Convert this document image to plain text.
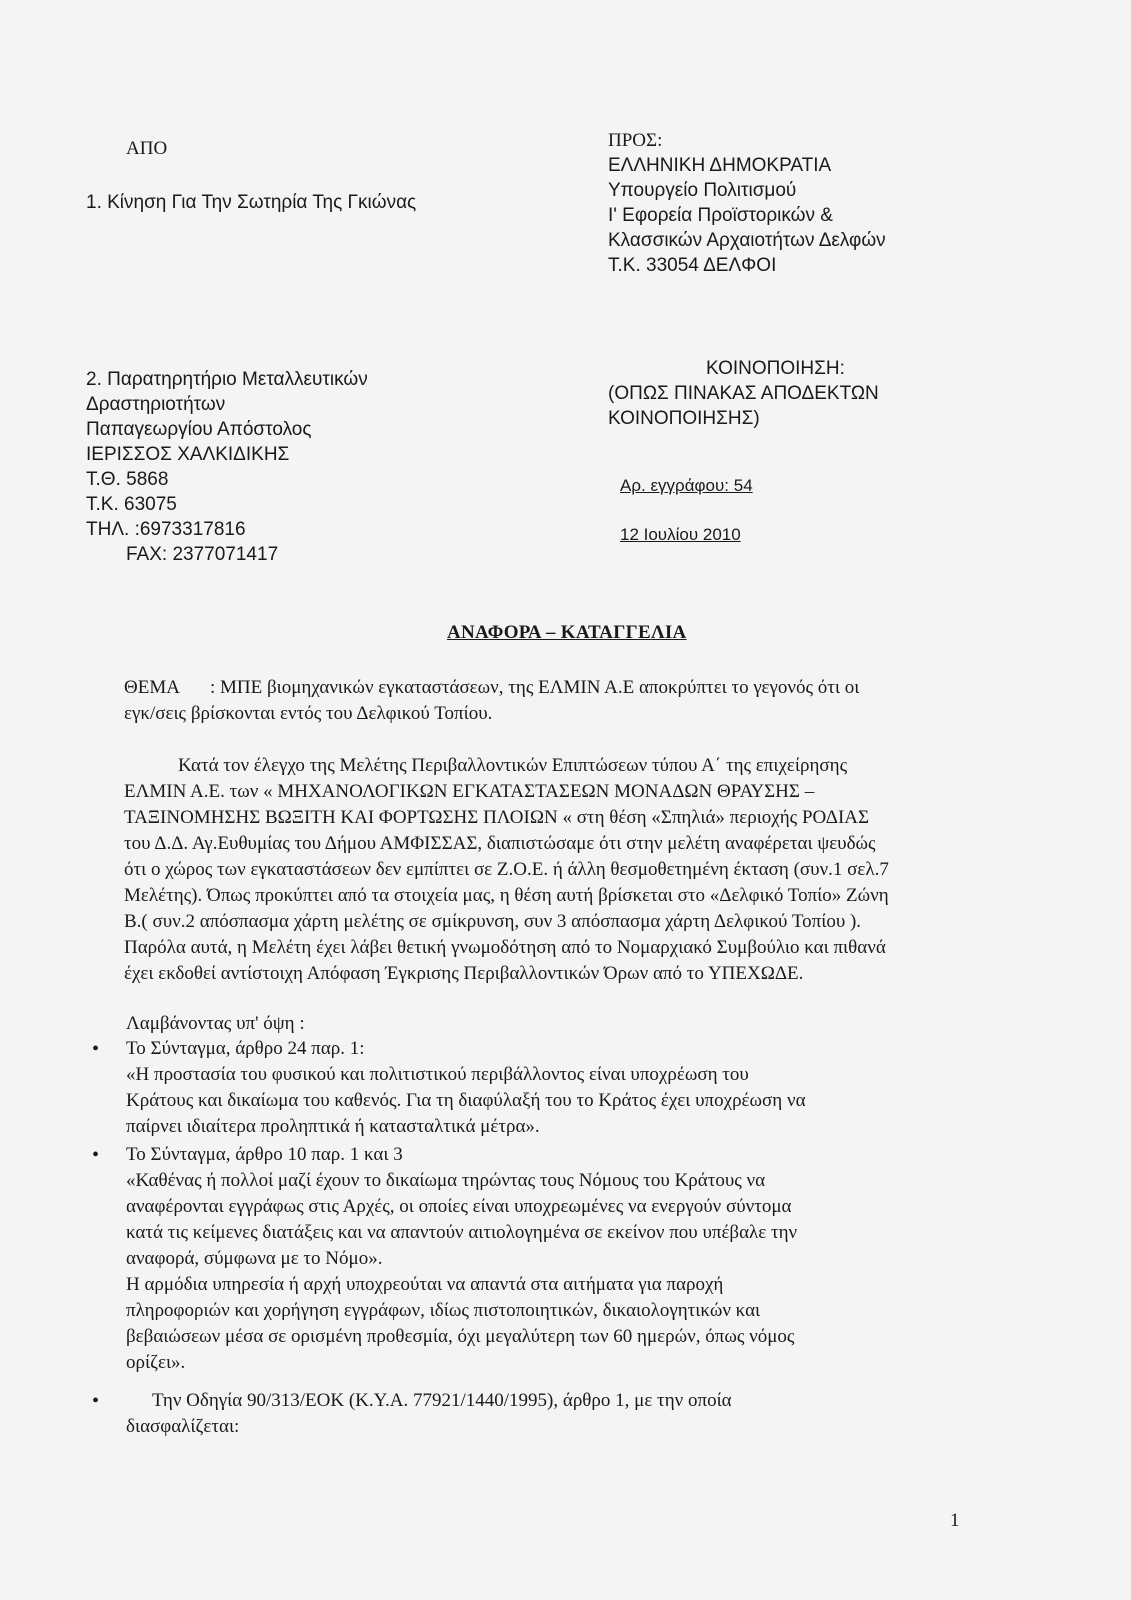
ΑΠΟ
1. Κίνηση Για Την Σωτηρία Της Γκιώνας
ΠΡΟΣ:
ΕΛΛΗΝΙΚΗ ΔΗΜΟΚΡΑΤΙΑ
Υπουργείο Πολιτισμού
Ι' Εφορεία Προϊστορικών &
Κλασσικών Αρχαιοτήτων Δελφών
Τ.Κ. 33054 ΔΕΛΦΟΙ
2. Παρατηρητήριο Μεταλλευτικών
Δραστηριοτήτων
Παπαγεωργίου Απόστολος
ΙΕΡΙΣΣΟΣ ΧΑΛΚΙΔΙΚΗΣ
Τ.Θ. 5868
Τ.Κ. 63075
ΤΗΛ. :6973317816
FAX: 2377071417
ΚΟΙΝΟΠΟΙΗΣΗ:
(ΟΠΩΣ ΠΙΝΑΚΑΣ ΑΠΟΔΕΚΤΩΝ
ΚΟΙΝΟΠΟΙΗΣΗΣ)
Αρ. εγγράφου: 54
12 Ιουλίου 2010
ΑΝΑΦΟΡΑ – ΚΑΤΑΓΓΕΛΙΑ
ΘΕΜΑ : ΜΠΕ βιομηχανικών εγκαταστάσεων, της ΕΛΜΙΝ Α.Ε αποκρύπτει το γεγονός ότι οι
εγκ/σεις βρίσκονται εντός του Δελφικού Τοπίου.
Κατά τον έλεγχο της Μελέτης Περιβαλλοντικών Επιπτώσεων τύπου Α΄ της επιχείρησης
ΕΛΜΙΝ Α.Ε. των « ΜΗΧΑΝΟΛΟΓΙΚΩΝ ΕΓΚΑΤΑΣΤΑΣΕΩΝ ΜΟΝΑΔΩΝ ΘΡΑΥΣΗΣ –
ΤΑΞΙΝΟΜΗΣΗΣ ΒΩΞΙΤΗ ΚΑΙ ΦΟΡΤΩΣΗΣ ΠΛΟΙΩΝ « στη θέση «Σπηλιά» περιοχής ΡΟΔΙΑΣ
του Δ.Δ. Αγ.Ευθυμίας του Δήμου ΑΜΦΙΣΣΑΣ, διαπιστώσαμε ότι στην μελέτη αναφέρεται ψευδώς
ότι ο χώρος των εγκαταστάσεων δεν εμπίπτει σε Ζ.Ο.Ε. ή άλλη θεσμοθετημένη έκταση (συν.1 σελ.7
Μελέτης). Όπως προκύπτει από τα στοιχεία μας, η θέση αυτή βρίσκεται στο «Δελφικό Τοπίο» Ζώνη
Β.( συν.2 απόσπασμα χάρτη μελέτης σε σμίκρυνση, συν 3 απόσπασμα χάρτη Δελφικού Τοπίου ).
Παρόλα αυτά, η Μελέτη έχει λάβει θετική γνωμοδότηση από το Νομαρχιακό Συμβούλιο και πιθανά
έχει εκδοθεί αντίστοιχη Απόφαση Έγκρισης Περιβαλλοντικών Όρων από το ΥΠΕΧΩΔΕ.
Λαμβάνοντας υπ' όψη :
• Το Σύνταγμα, άρθρο 24 παρ. 1:
«Η προστασία του φυσικού και πολιτιστικού περιβάλλοντος είναι υποχρέωση του
Κράτους και δικαίωμα του καθενός. Για τη διαφύλαξή του το Κράτος έχει υποχρέωση να
παίρνει ιδιαίτερα προληπτικά ή κατασταλτικά μέτρα».
• Το Σύνταγμα, άρθρο 10 παρ. 1 και 3
«Καθένας ή πολλοί μαζί έχουν το δικαίωμα τηρώντας τους Νόμους του Κράτους να
αναφέρονται εγγράφως στις Αρχές, οι οποίες είναι υποχρεωμένες να ενεργούν σύντομα
κατά τις κείμενες διατάξεις και να απαντούν αιτιολογημένα σε εκείνον που υπέβαλε την
αναφορά, σύμφωνα με το Νόμο».
Η αρμόδια υπηρεσία ή αρχή υποχρεούται να απαντά στα αιτήματα για παροχή
πληροφοριών και χορήγηση εγγράφων, ιδίως πιστοποιητικών, δικαιολογητικών και
βεβαιώσεων μέσα σε ορισμένη προθεσμία, όχι μεγαλύτερη των 60 ημερών, όπως νόμος
ορίζει».
•	Την Οδηγία 90/313/ΕΟΚ (Κ.Υ.Α. 77921/1440/1995), άρθρο 1, με την οποία
διασφαλίζεται:
1
